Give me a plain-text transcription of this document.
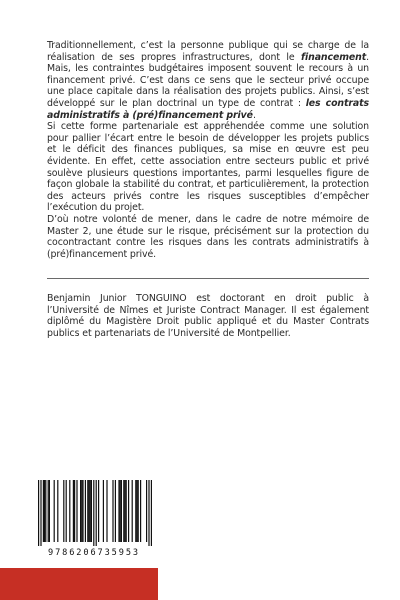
Traditionnellement, c’est la personne publique qui se charge de la réalisation de ses propres infrastructures, dont le financement. Mais, les contraintes budgétaires imposent souvent le recours à un financement privé. C’est dans ce sens que le secteur privé occupe une place capitale dans la réalisation des projets publics. Ainsi, s’est développé sur le plan doctrinal un type de contrat : les contrats administratifs à (pré)financement privé.

Si cette forme partenariale est appréhendée comme une solution pour pallier l’écart entre le besoin de développer les projets publics et le déficit des finances publiques, sa mise en œuvre est peu évidente. En effet, cette association entre secteurs public et privé soulève plusieurs questions importantes, parmi lesquelles figure de façon globale la stabilité du contrat, et particulièrement, la protection des acteurs privés contre les risques susceptibles d’empêcher l’exécution du projet.

D’où notre volonté de mener, dans le cadre de notre mémoire de Master 2, une étude sur le risque, précisément sur la protection du cocontractant contre les risques dans les contrats administratifs à (pré)financement privé.

Benjamin Junior TONGUINO est doctorant en droit public à l’Université de Nîmes et Juriste Contract Manager. Il est également diplômé du Magistère Droit public appliqué et du Master Contrats publics et partenariats de l’Université de Montpellier.
9786206735953
